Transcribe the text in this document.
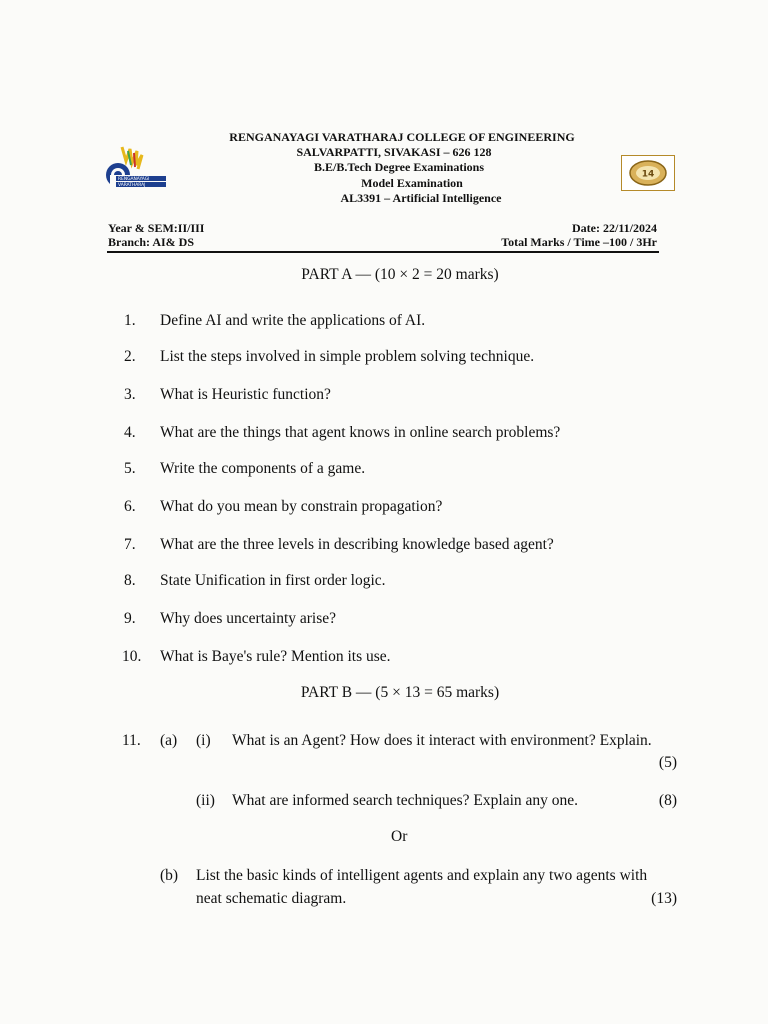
RENGANAYAGI
VARATHARAJ
14
RENGANAYAGI VARATHARAJ COLLEGE OF ENGINEERING
SALVARPATTI, SIVAKASI – 626 128
B.E/B.Tech Degree Examinations
Model Examination
AL3391 – Artificial Intelligence
Year & SEM:II/III
Branch: AI& DS
Date: 22/11/2024
Total Marks / Time –100 / 3Hr
PART A — (10 × 2 = 20 marks)
1. Define AI and write the applications of AI.
2. List the steps involved in simple problem solving technique.
3. What is Heuristic function?
4. What are the things that agent knows in online search problems?
5. Write the components of a game.
6. What do you mean by constrain propagation?
7. What are the three levels in describing knowledge based agent?
8. State Unification in first order logic.
9. Why does uncertainty arise?
10. What is Baye's rule? Mention its use.
PART B — (5 × 13 = 65 marks)
11. (a) (i) What is an Agent? How does it interact with environment? Explain.
(5)
(ii) What are informed search techniques? Explain any one.	(8)
Or
(b) List the basic kinds of intelligent agents and explain any two agents with
neat schematic diagram.	(13)
